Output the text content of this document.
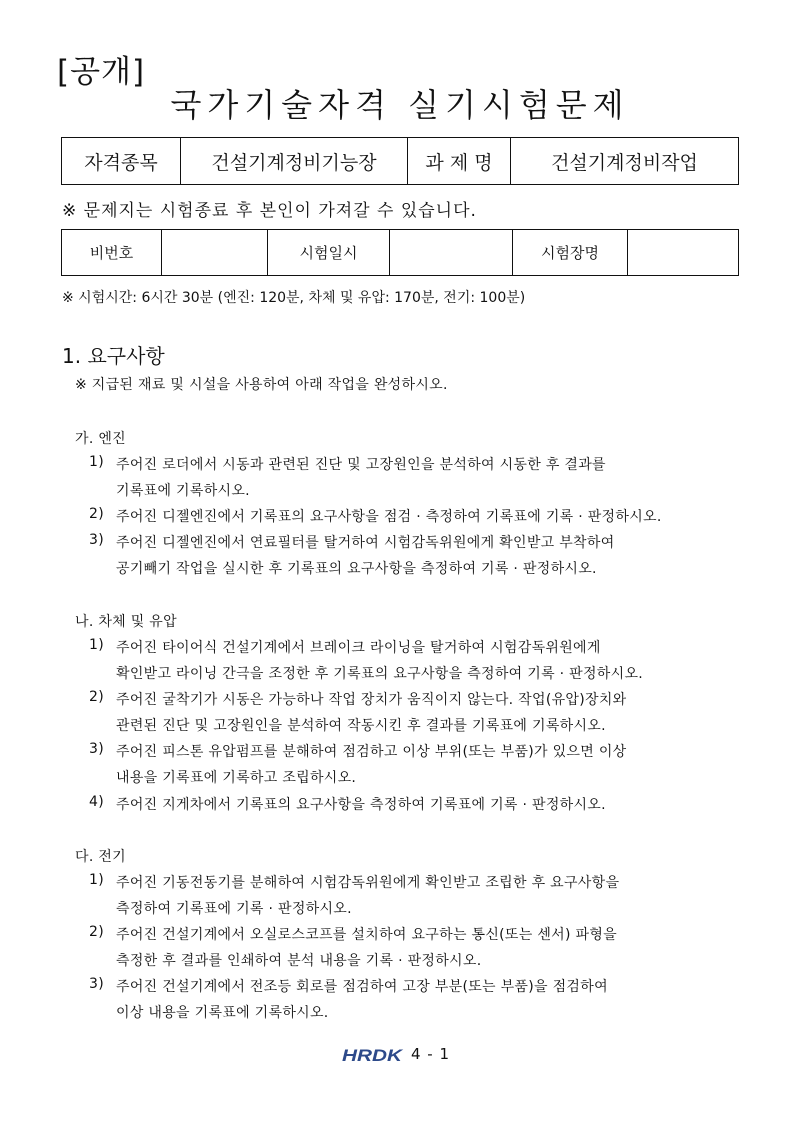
[공개]
국가기술자격 실기시험문제
자격종목	건설기계정비기능장	과 제 명	건설기계정비작업
※ 문제지는 시험종료 후 본인이 가져갈 수 있습니다.
비번호		시험일시		시험장명	
※ 시험시간: 6시간 30분 (엔진: 120분, 차체 및 유압: 170분, 전기: 100분)
1. 요구사항
※ 지급된 재료 및 시설을 사용하여 아래 작업을 완성하시오.
가. 엔진
1) 주어진 로더에서 시동과 관련된 진단 및 고장원인을 분석하여 시동한 후 결과를
기록표에 기록하시오.
2) 주어진 디젤엔진에서 기록표의 요구사항을 점검 · 측정하여 기록표에 기록 · 판정하시오.
3) 주어진 디젤엔진에서 연료필터를 탈거하여 시험감독위원에게 확인받고 부착하여
공기빼기 작업을 실시한 후 기록표의 요구사항을 측정하여 기록 · 판정하시오.
나. 차체 및 유압
1) 주어진 타이어식 건설기계에서 브레이크 라이닝을 탈거하여 시험감독위원에게
확인받고 라이닝 간극을 조정한 후 기록표의 요구사항을 측정하여 기록 · 판정하시오.
2) 주어진 굴착기가 시동은 가능하나 작업 장치가 움직이지 않는다. 작업(유압)장치와
관련된 진단 및 고장원인을 분석하여 작동시킨 후 결과를 기록표에 기록하시오.
3) 주어진 피스톤 유압펌프를 분해하여 점검하고 이상 부위(또는 부품)가 있으면 이상
내용을 기록표에 기록하고 조립하시오.
4) 주어진 지게차에서 기록표의 요구사항을 측정하여 기록표에 기록 · 판정하시오.
다. 전기
1) 주어진 기동전동기를 분해하여 시험감독위원에게 확인받고 조립한 후 요구사항을
측정하여 기록표에 기록 · 판정하시오.
2) 주어진 건설기계에서 오실로스코프를 설치하여 요구하는 통신(또는 센서) 파형을
측정한 후 결과를 인쇄하여 분석 내용을 기록 · 판정하시오.
3) 주어진 건설기계에서 전조등 회로를 점검하여 고장 부분(또는 부품)을 점검하여
이상 내용을 기록표에 기록하시오.
HRDK 4 - 1
